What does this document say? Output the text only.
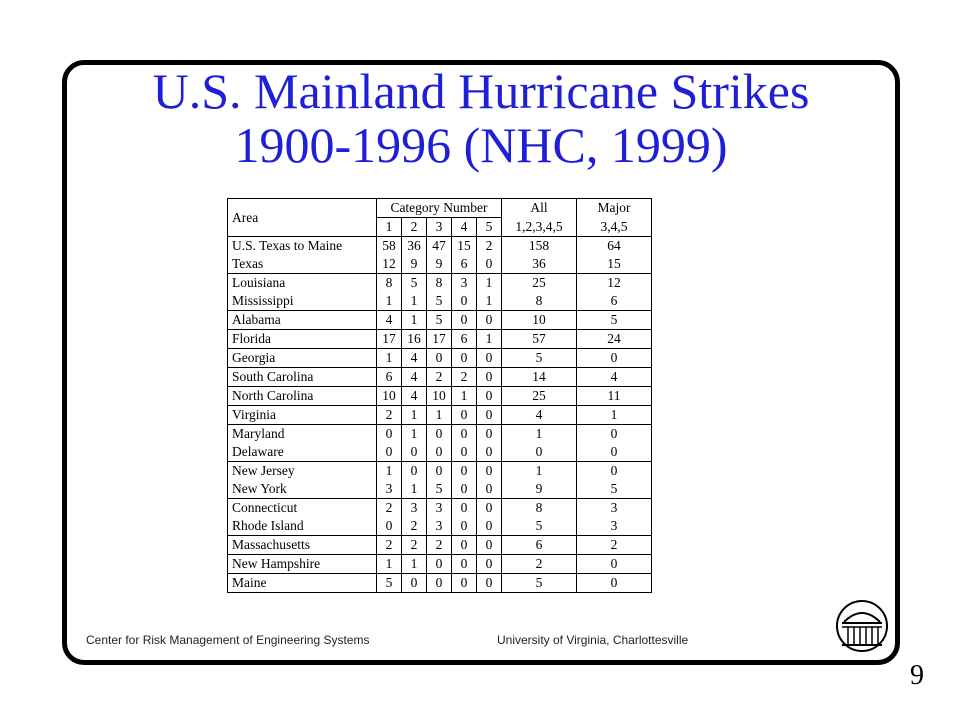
U.S. Mainland Hurricane Strikes
1900-1996 (NHC, 1999)
Area	Category Number					All	Major
	1	2	3	4	5	1,2,3,4,5	3,4,5
U.S. Texas to Maine	58	36	47	15	2	158	64
Texas	12	9	9	6	0	36	15
Louisiana	8	5	8	3	1	25	12
Mississippi	1	1	5	0	1	8	6
Alabama	4	1	5	0	0	10	5
Florida	17	16	17	6	1	57	24
Georgia	1	4	0	0	0	5	0
South Carolina	6	4	2	2	0	14	4
North Carolina	10	4	10	1	0	25	11
Virginia	2	1	1	0	0	4	1
Maryland	0	1	0	0	0	1	0
Delaware	0	0	0	0	0	0	0
New Jersey	1	0	0	0	0	1	0
New York	3	1	5	0	0	9	5
Connecticut	2	3	3	0	0	8	3
Rhode Island	0	2	3	0	0	5	3
Massachusetts	2	2	2	0	0	6	2
New Hampshire	1	1	0	0	0	2	0
Maine	5	0	0	0	0	5	0
Center for Risk Management of Engineering Systems	University of Virginia, Charlottesville
9
